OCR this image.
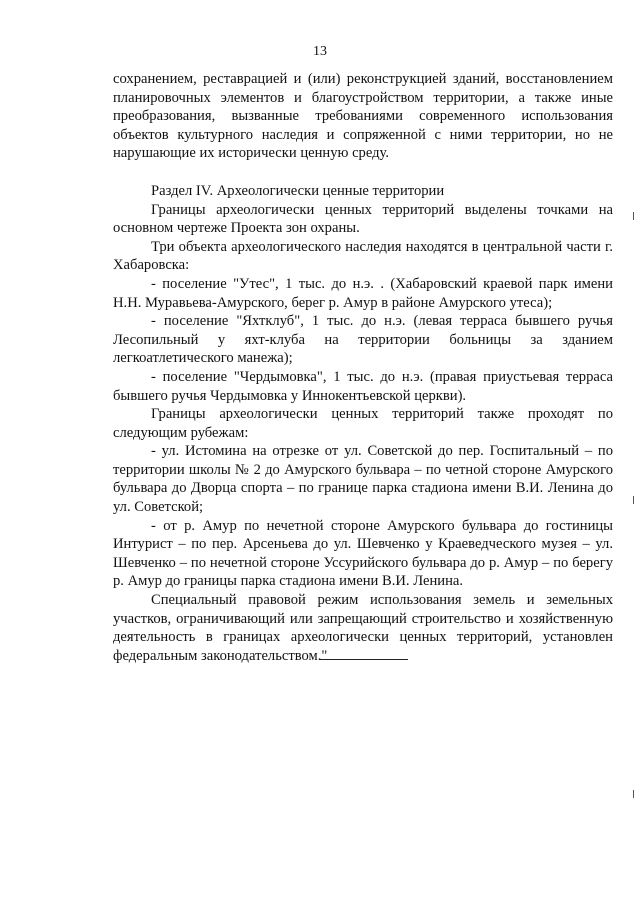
13

сохранением, реставрацией и (или) реконструкцией зданий, восстановлением планировочных элементов и благоустройством территории, а также иные преобразования, вызванные требованиями современного использования объектов культурного наследия и сопряженной с ними территории, но не нарушающие их исторически ценную среду.

Раздел IV. Археологически ценные территории

Границы археологически ценных территорий выделены точками на основном чертеже Проекта зон охраны.

Три объекта археологического наследия находятся в центральной части г. Хабаровска:

- поселение "Утес", 1 тыс. до н.э. . (Хабаровский краевой парк имени Н.Н. Муравьева-Амурского, берег р. Амур в районе Амурского утеса);

- поселение "Яхтклуб", 1 тыс. до н.э. (левая терраса бывшего ручья Лесопильный у яхт-клуба на территории больницы за зданием легкоатлетического манежа);

- поселение "Чердымовка", 1 тыс. до н.э. (правая приустьевая терраса бывшего ручья Чердымовка у Иннокентьевской церкви).

Границы археологически ценных территорий также проходят по следующим рубежам:

- ул. Истомина на отрезке от ул. Советской до пер. Госпитальный – по территории школы № 2 до Амурского бульвара – по четной стороне Амурского бульвара до Дворца спорта – по границе парка стадиона имени В.И. Ленина до ул. Советской;

- от р. Амур по нечетной стороне Амурского бульвара до гостиницы Интурист – по пер. Арсеньева до ул. Шевченко у Краеведческого музея – ул. Шевченко – по нечетной стороне Уссурийского бульвара до р. Амур – по берегу р. Амур до границы парка стадиона имени В.И. Ленина.

Специальный правовой режим использования земель и земельных участков, ограничивающий или запрещающий строительство и хозяйственную деятельность в границах археологически ценных территорий, установлен федеральным законодательством."
